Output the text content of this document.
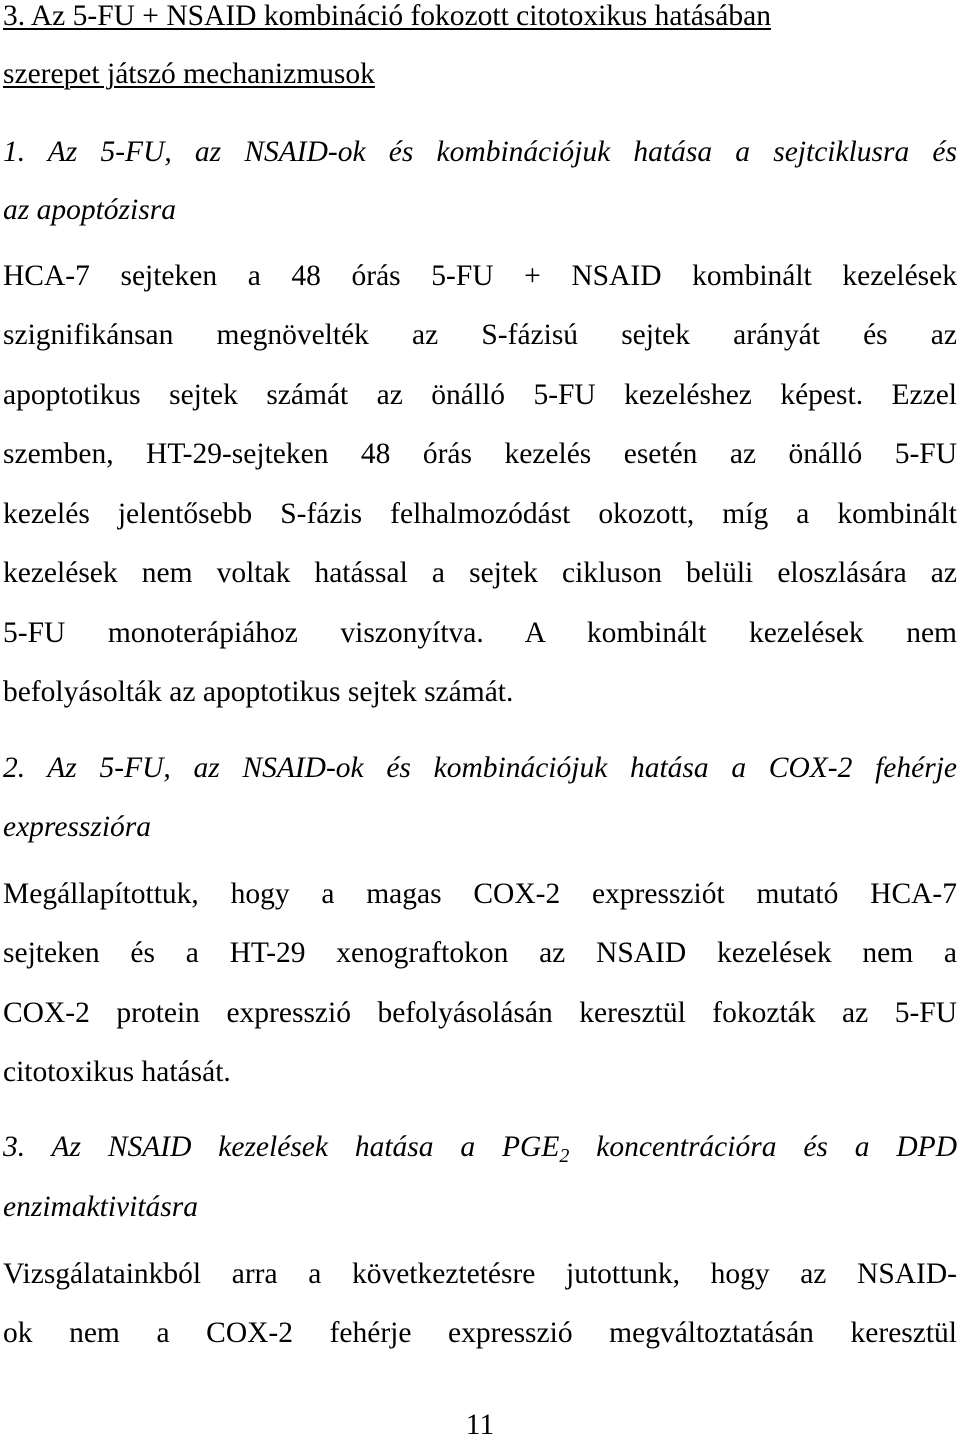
3. Az 5-FU + NSAID kombináció fokozott citotoxikus hatásában
szerepet játszó mechanizmusok
1. Az 5-FU, az NSAID-ok és kombinációjuk hatása a sejtciklusra és
az apoptózisra
HCA-7 sejteken a 48 órás 5-FU + NSAID kombinált kezelések
szignifikánsan megnövelték az S-fázisú sejtek arányát és az
apoptotikus sejtek számát az önálló 5-FU kezeléshez képest. Ezzel
szemben, HT-29-sejteken 48 órás kezelés esetén az önálló 5-FU
kezelés jelentősebb S-fázis felhalmozódást okozott, míg a kombinált
kezelések nem voltak hatással a sejtek cikluson belüli eloszlására az
5-FU monoterápiához viszonyítva. A kombinált kezelések nem
befolyásolták az apoptotikus sejtek számát.
2. Az 5-FU, az NSAID-ok és kombinációjuk hatása a COX-2 fehérje
expresszióra
Megállapítottuk, hogy a magas COX-2 expressziót mutató HCA-7
sejteken és a HT-29 xenograftokon az NSAID kezelések nem a
COX-2 protein expresszió befolyásolásán keresztül fokozták az 5-FU
citotoxikus hatását.
3. Az NSAID kezelések hatása a $PGE_2$ koncentrációra és a DPD
enzimaktivitásra
Vizsgálatainkból arra a következtetésre jutottunk, hogy az NSAID-
ok nem a COX-2 fehérje expresszió megváltoztatásán keresztül
11
